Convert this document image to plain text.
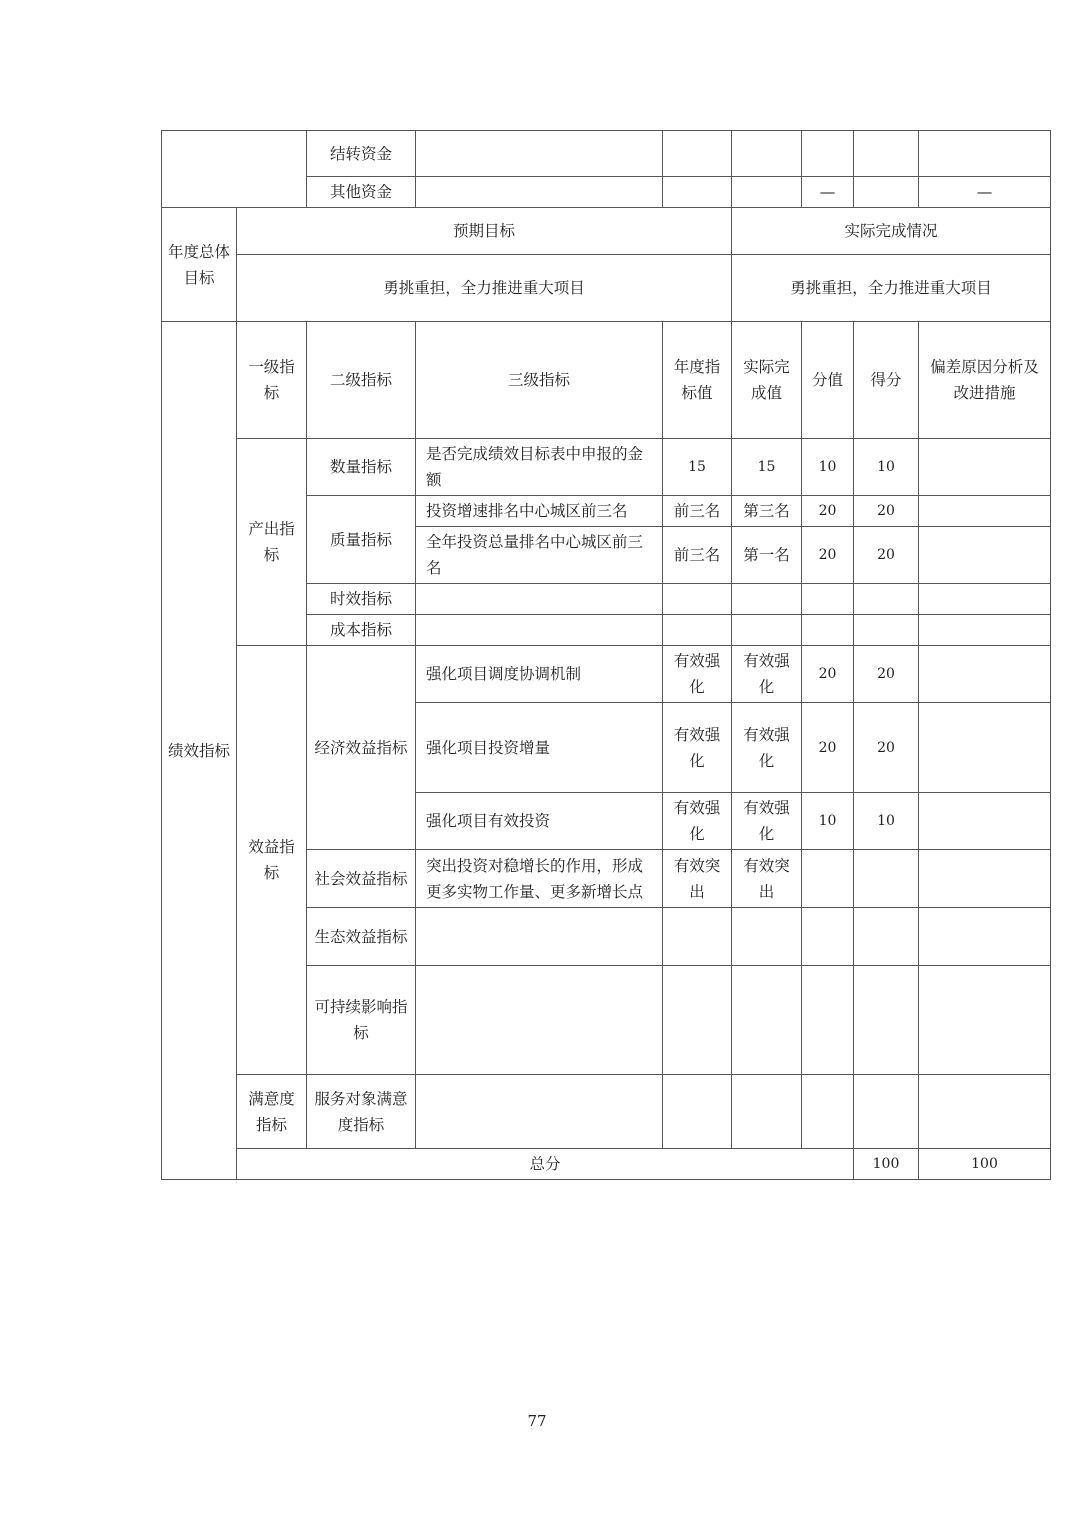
		结转资金							
		其他资金				—		—	
年度总体目标	预期目标				实际完成情况				
	勇挑重担，全力推进重大项目				勇挑重担，全力推进重大项目				
绩效指标	一级指标	二级指标	三级指标	年度指标值	实际完成值	分值	得分	偏差原因分析及改进措施	
	产出指标	数量指标	是否完成绩效目标表中申报的金额	15	15	10	10		
		质量指标	投资增速排名中心城区前三名	前三名	第三名	20	20		
			全年投资总量排名中心城区前三名	前三名	第一名	20	20		
		时效指标							
		成本指标							
	效益指标	经济效益指标	强化项目调度协调机制	有效强化	有效强化	20	20		
			强化项目投资增量	有效强化	有效强化	20	20		
			强化项目有效投资	有效强化	有效强化	10	10		
		社会效益指标	突出投资对稳增长的作用，形成更多实物工作量、更多新增长点	有效突出	有效突出				
		生态效益指标							
		可持续影响指标							
	满意度指标	服务对象满意度指标							
	总分						100	100	
77
